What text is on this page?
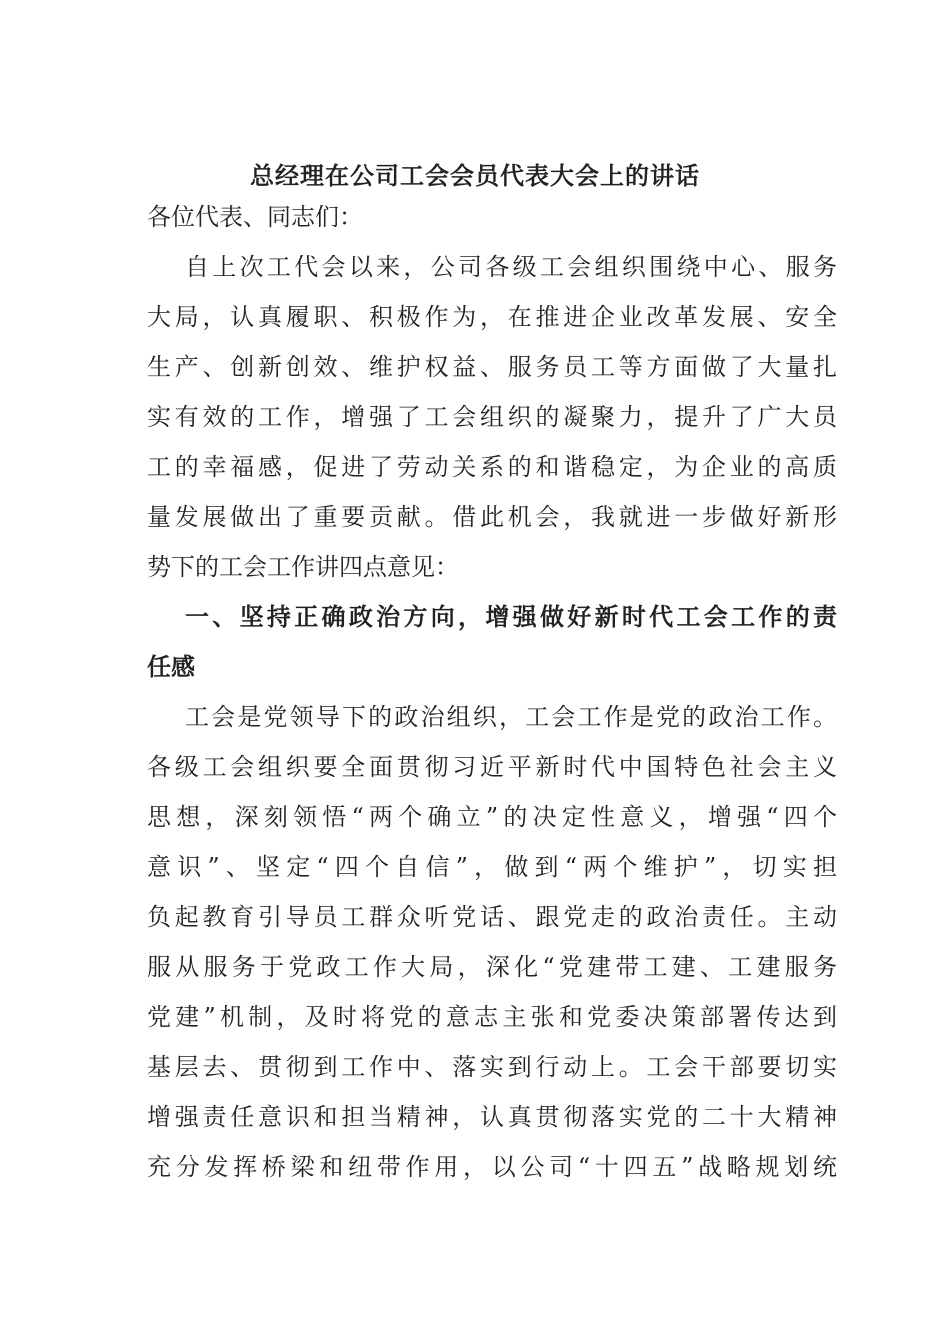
总经理在公司工会会员代表大会上的讲话
各位代表、同志们：
自上次工代会以来，公司各级工会组织围绕中心、服务
大局，认真履职、积极作为，在推进企业改革发展、安全
生产、创新创效、维护权益、服务员工等方面做了大量扎
实有效的工作，增强了工会组织的凝聚力，提升了广大员
工的幸福感，促进了劳动关系的和谐稳定，为企业的高质
量发展做出了重要贡献。借此机会，我就进一步做好新形
势下的工会工作讲四点意见：
一、坚持正确政治方向，增强做好新时代工会工作的责
任感
工会是党领导下的政治组织，工会工作是党的政治工作。
各级工会组织要全面贯彻习近平新时代中国特色社会主义
思想，深刻领悟“两个确立”的决定性意义，增强“四个
意识”、坚定“四个自信”，做到“两个维护”，切实担
负起教育引导员工群众听党话、跟党走的政治责任。主动
服从服务于党政工作大局，深化“党建带工建、工建服务
党建”机制，及时将党的意志主张和党委决策部署传达到
基层去、贯彻到工作中、落实到行动上。工会干部要切实
增强责任意识和担当精神，认真贯彻落实党的二十大精神
充分发挥桥梁和纽带作用，以公司“十四五”战略规划统
